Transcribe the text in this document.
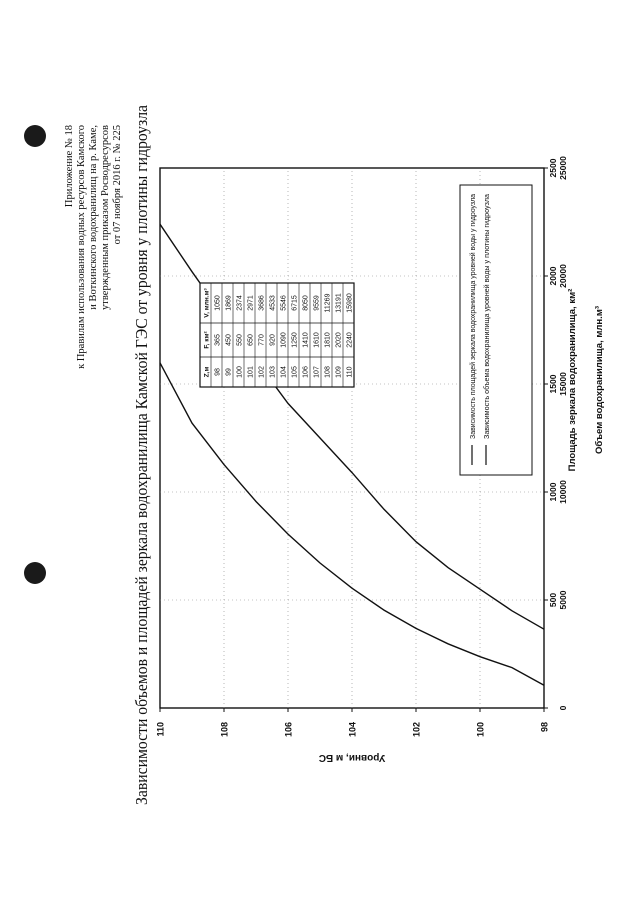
Приложение № 18 к Правилам использования водных ресурсов Камского и Воткинского водохранилищ на р. Каме, утвержденным приказом Росводресурсов от 07 ноября 2016 г. № 225 Зависимости объемов и площадей зеркала водохранилища Камской ГЭС от уровня у плотины гидроузла	98
100
102
104
106
108
110
500
1000
1500
2000
2500
0
5000
10000
15000
20000
25000
Уровни, м БС
Площадь зеркала водохранилища, км² Объем водохранилища, млн.м³
Зависимость площадей зеркала водохранилища уровней воды у гидроузла Зависимость объема водохранилища уровней воды у плотины гидроузла
Z,м
F, км²
V, млн.м³
98
365
1050
99
450
1869
100
550
2374
101
650
2971
102
770
3686
103
920
4533
104
1090
5546
105
1250
6715
106
1410
8050
107
1610
9559
108
1810
11269
109
2020
13191
110
2240
15980
